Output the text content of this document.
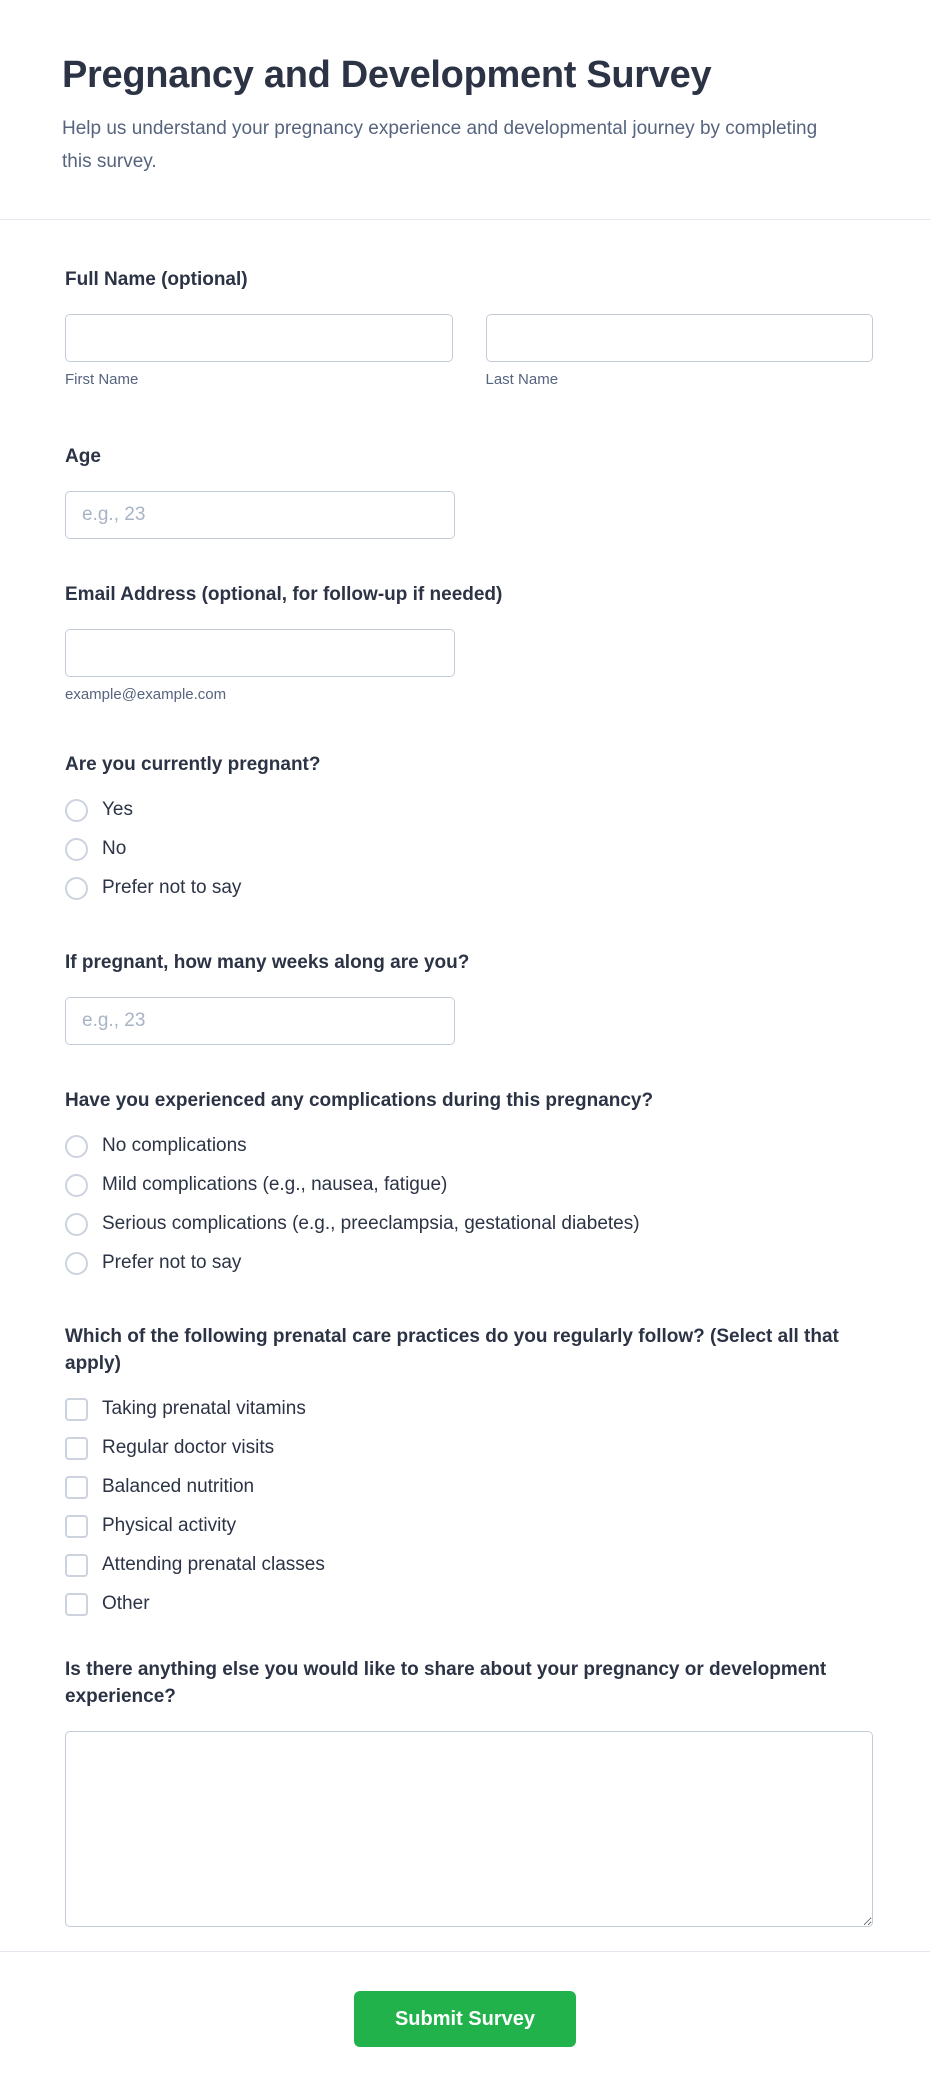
Pregnancy and Development Survey

Help us understand your pregnancy experience and developmental journey by completing this survey.

Full Name (optional)
First Name	Last Name
Age
e.g., 23
Email Address (optional, for follow-up if needed)
example@example.com
Are you currently pregnant?
Yes
No
Prefer not to say
If pregnant, how many weeks along are you?
e.g., 23
Have you experienced any complications during this pregnancy?
No complications
Mild complications (e.g., nausea, fatigue)
Serious complications (e.g., preeclampsia, gestational diabetes)
Prefer not to say
Which of the following prenatal care practices do you regularly follow? (Select all that apply)
Taking prenatal vitamins
Regular doctor visits
Balanced nutrition
Physical activity
Attending prenatal classes
Other
Is there anything else you would like to share about your pregnancy or development experience?
Submit Survey
